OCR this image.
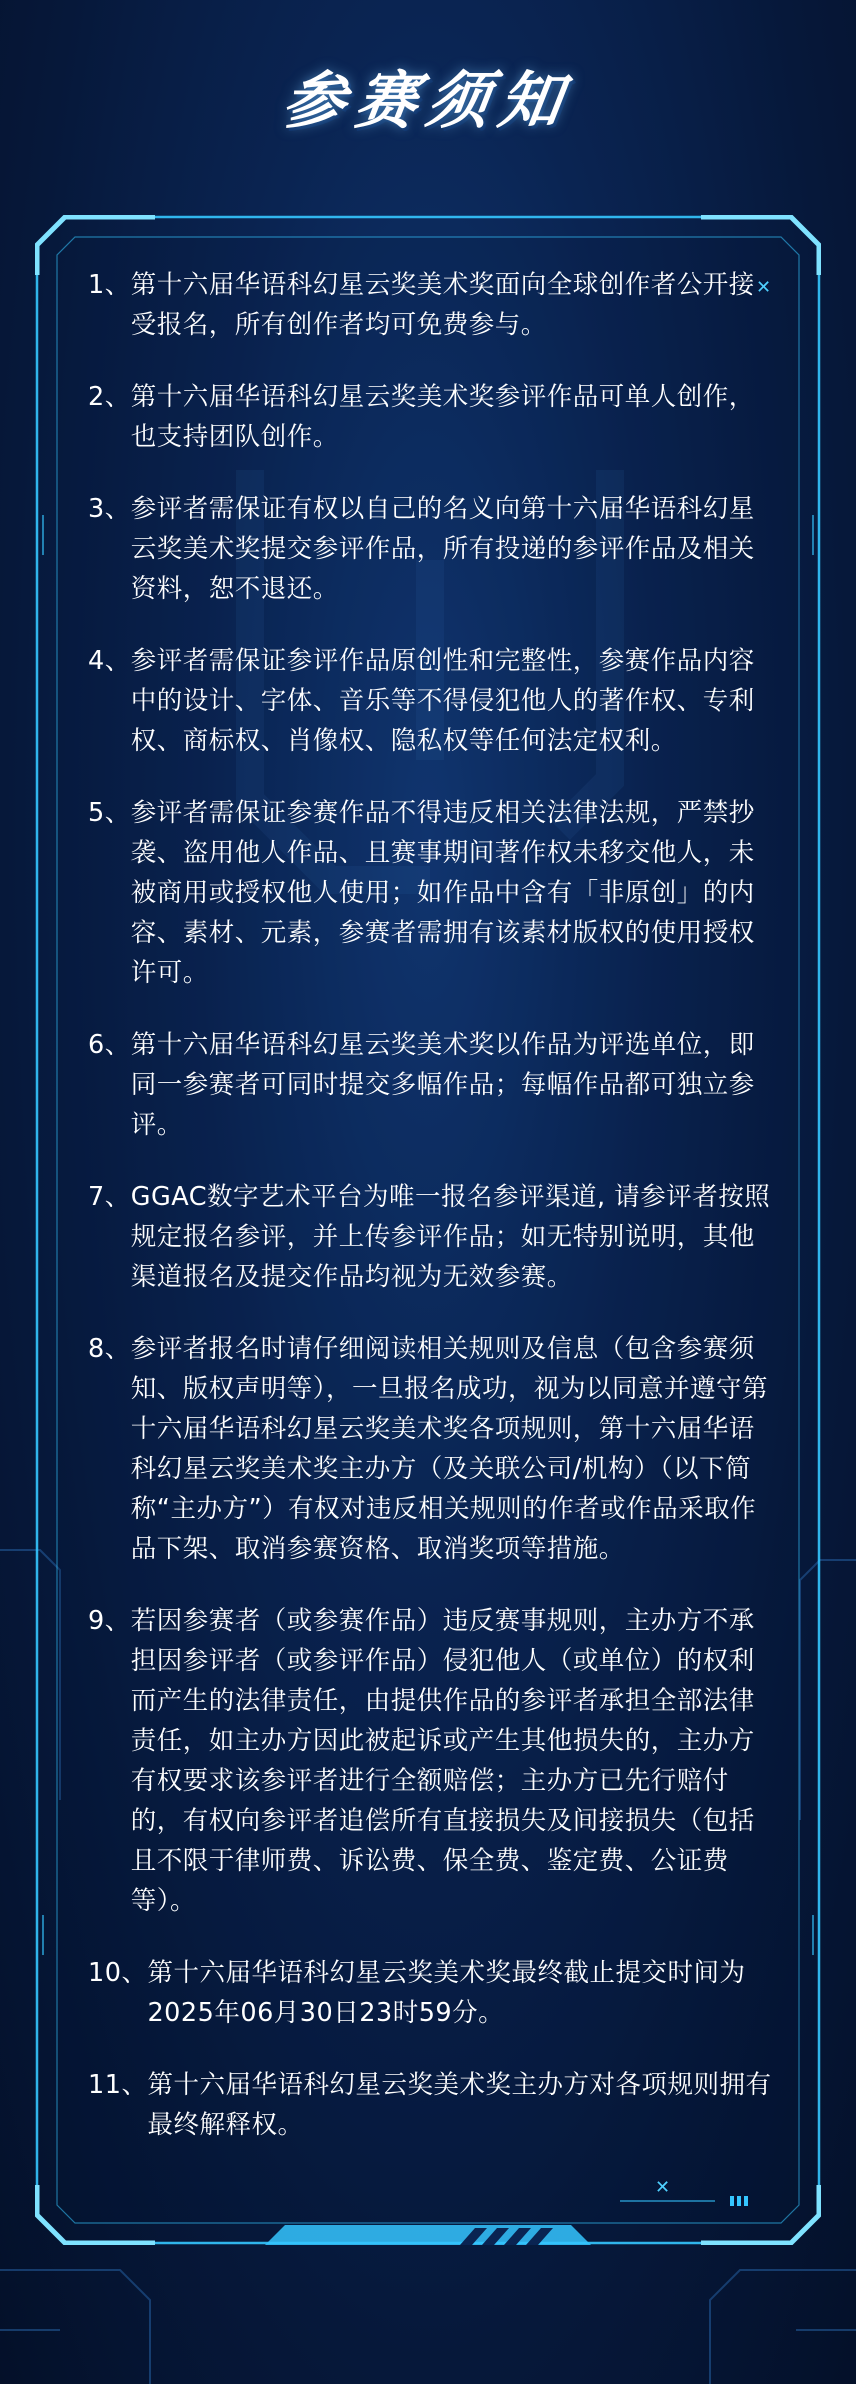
参赛须知
✕
✕
1、 第十六届华语科幻星云奖美术奖面向全球创作者公开接受报名，所有创作者均可免费参与。
2、 第十六届华语科幻星云奖美术奖参评作品可单人创作，也支持团队创作。
3、 参评者需保证有权以自己的名义向第十六届华语科幻星云奖美术奖提交参评作品，所有投递的参评作品及相关资料，恕不退还。
4、 参评者需保证参评作品原创性和完整性，参赛作品内容中的设计、字体、音乐等不得侵犯他人的著作权、专利权、商标权、肖像权、隐私权等任何法定权利。
5、 参评者需保证参赛作品不得违反相关法律法规，严禁抄袭、盗用他人作品、且赛事期间著作权未移交他人，未被商用或授权他人使用；如作品中含有「非原创」的内容、素材、元素，参赛者需拥有该素材版权的使用授权许可。
6、 第十六届华语科幻星云奖美术奖以作品为评选单位，即同一参赛者可同时提交多幅作品；每幅作品都可独立参评。
7、 GGAC数字艺术平台为唯一报名参评渠道, 请参评者按照规定报名参评，并上传参评作品；如无特别说明，其他渠道报名及提交作品均视为无效参赛。
8、 参评者报名时请仔细阅读相关规则及信息（包含参赛须知、版权声明等），一旦报名成功，视为以同意并遵守第十六届华语科幻星云奖美术奖各项规则，第十六届华语科幻星云奖美术奖主办方（及关联公司/机构）（以下简称“主办方”）有权对违反相关规则的作者或作品采取作品下架、取消参赛资格、取消奖项等措施。
9、 若因参赛者（或参赛作品）违反赛事规则，主办方不承担因参评者（或参评作品）侵犯他人（或单位）的权利而产生的法律责任，由提供作品的参评者承担全部法律责任，如主办方因此被起诉或产生其他损失的，主办方有权要求该参评者进行全额赔偿；主办方已先行赔付的，有权向参评者追偿所有直接损失及间接损失（包括且不限于律师费、诉讼费、保全费、鉴定费、公证费等）。
10、 第十六届华语科幻星云奖美术奖最终截止提交时间为2025年06月30日23时59分。
11、 第十六届华语科幻星云奖美术奖主办方对各项规则拥有最终解释权。
